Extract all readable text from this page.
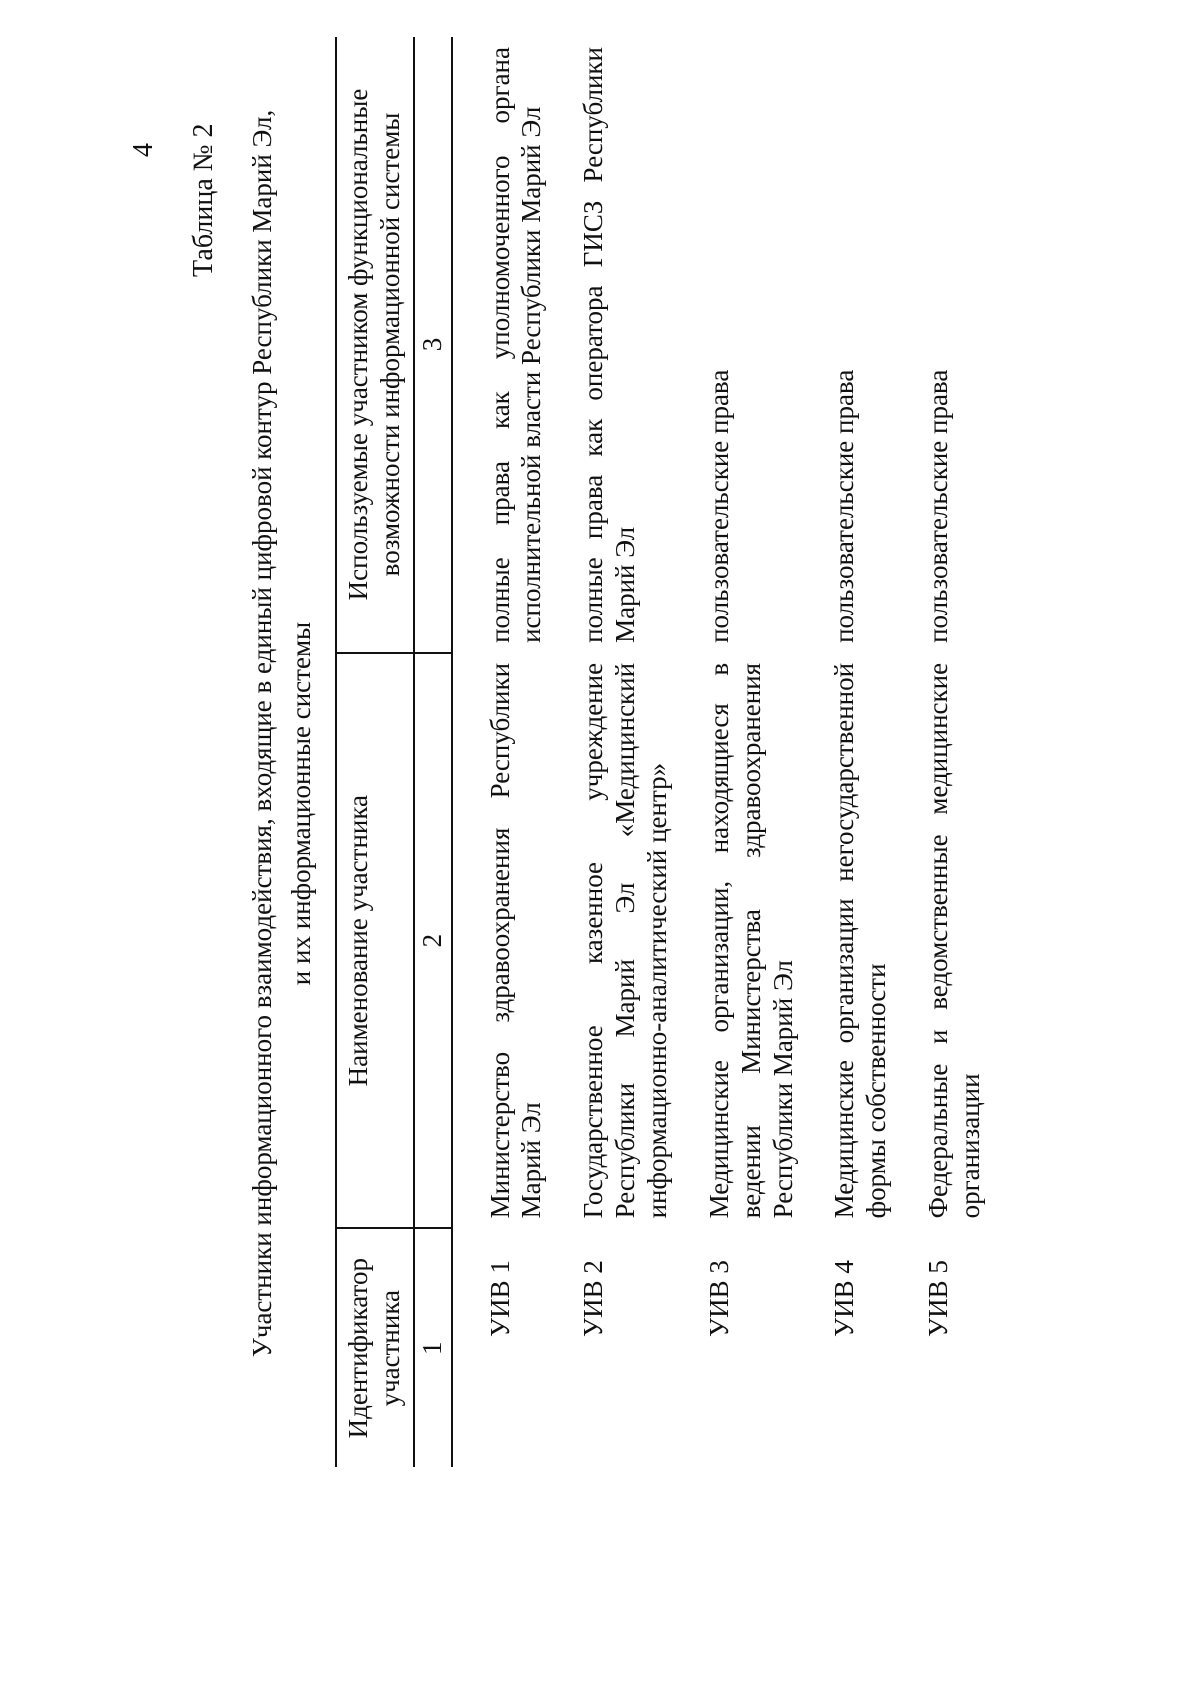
4 Таблица № 2 Участники информационного взаимодействия, входящие в единый цифровой контур Республики Марий Эл, и их информационные системы
Идентификатор участника	Наименование участника	Используемые участником функциональные возможности информационной системы
1	2	3

УИВ 1	Министерство здравоохранения Республики Марий Эл	полные права как уполномоченного органа исполнительной власти Республики Марий Эл
УИВ 2	Государственное казенное учреждение Республики Марий Эл «Медицинский информационно-аналитический центр»	полные права как оператора ГИСЗ Республики Марий Эл
УИВ 3	Медицинские организации, находящиеся в ведении Министерства здравоохранения Республики Марий Эл	пользовательские права
УИВ 4	Медицинские организации негосударственной формы собственности	пользовательские права
УИВ 5	Федеральные и ведомственные медицинские организации	пользовательские права
